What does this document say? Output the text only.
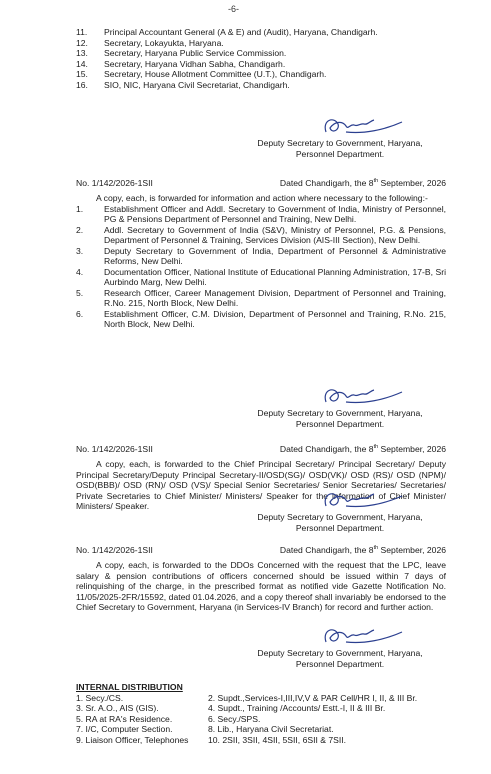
-6-
11. Principal Accountant General (A & E) and (Audit), Haryana, Chandigarh.
12. Secretary, Lokayukta, Haryana.
13. Secretary, Haryana Public Service Commission.
14. Secretary, Haryana Vidhan Sabha, Chandigarh.
15. Secretary, House Allotment Committee (U.T.), Chandigarh.
16. SIO, NIC, Haryana Civil Secretariat, Chandigarh.
Deputy Secretary to Government, Haryana,
Personnel Department.
No. 1/142/2026-1SII	Dated Chandigarh, the 8th September, 2026
A copy, each, is forwarded for information and action where necessary to the following:-
1. Establishment Officer and Addl. Secretary to Government of India, Ministry of Personnel, PG & Pensions Department of Personnel and Training, New Delhi.
2. Addl. Secretary to Government of India (S&V), Ministry of Personnel, P.G. & Pensions, Department of Personnel & Training, Services Division (AIS-III Section), New Delhi.
3. Deputy Secretary to Government of India, Department of Personnel & Administrative Reforms, New Delhi.
4. Documentation Officer, National Institute of Educational Planning Administration, 17-B, Sri Aurbindo Marg, New Delhi.
5. Research Officer, Career Management Division, Department of Personnel and Training, R.No. 215, North Block, New Delhi.
6. Establishment Officer, C.M. Division, Department of Personnel and Training, R.No. 215, North Block, New Delhi.
Deputy Secretary to Government, Haryana,
Personnel Department.
No. 1/142/2026-1SII	Dated Chandigarh, the 8th September, 2026
A copy, each, is forwarded to the Chief Principal Secretary/ Principal Secretary/ Deputy Principal Secretary/Deputy Principal Secretary-II/OSD(SG)/ OSD(VK)/ OSD (RS)/ OSD (NPM)/ OSD(BBB)/ OSD (RN)/ OSD (VS)/ Special Senior Secretaries/ Senior Secretaries/ Secretaries/ Private Secretaries to Chief Minister/ Ministers/ Speaker for the information of Chief Minister/ Ministers/ Speaker.
Deputy Secretary to Government, Haryana,
Personnel Department.
No. 1/142/2026-1SII	Dated Chandigarh, the 8th September, 2026
A copy, each, is forwarded to the DDOs Concerned with the request that the LPC, leave salary & pension contributions of officers concerned should be issued within 7 days of relinquishing of the charge, in the prescribed format as notified vide Gazette Notification No. 11/05/2025-2FR/15592, dated 01.04.2026, and a copy thereof shall invariably be endorsed to the Chief Secretary to Government, Haryana (in Services-IV Branch) for record and further action.
Deputy Secretary to Government, Haryana,
Personnel Department.
INTERNAL DISTRIBUTION
1. Secy./CS.	2. Supdt.,Services-I,III,IV,V & PAR Cell/HR I, II, & III Br.
3. Sr. A.O., AIS (GIS).	4. Supdt., Training /Accounts/ Estt.-I, II & III Br.
5. RA at RA's Residence.	6. Secy./SPS.
7. I/C, Computer Section.	8. Lib., Haryana Civil Secretariat.
9. Liaison Officer, Telephones 10. 2SII, 3SII, 4SII, 5SII, 6SII & 7SII.
